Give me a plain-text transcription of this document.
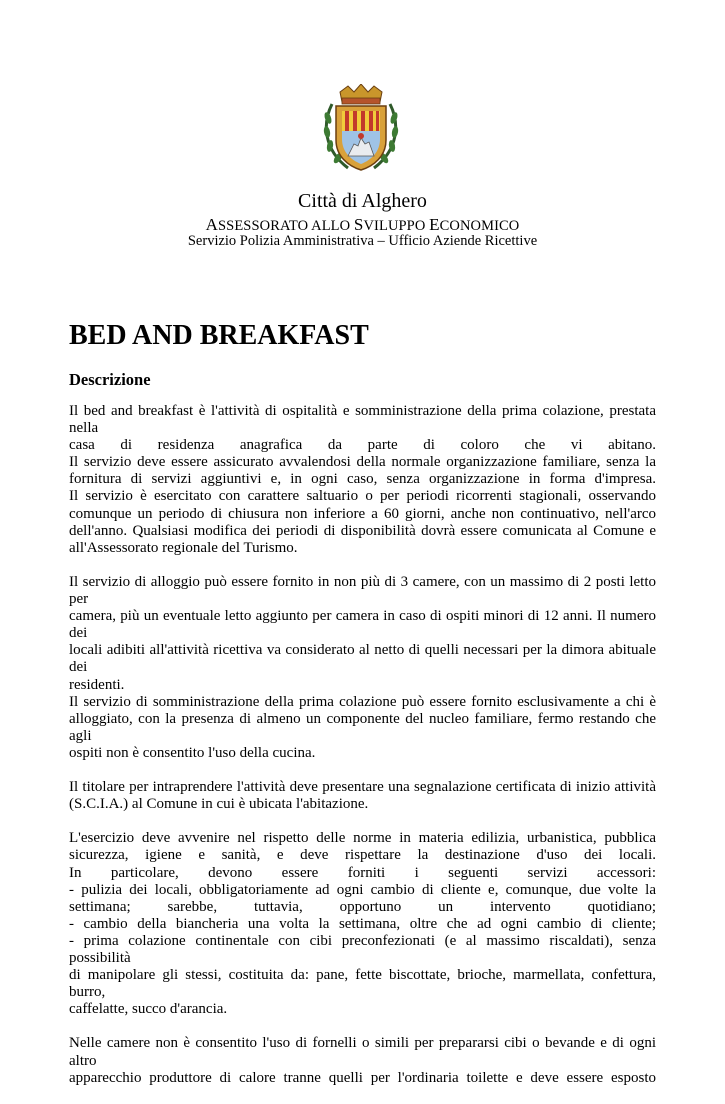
Città di Alghero
ASSESSORATO ALLO SVILUPPO ECONOMICO
Servizio Polizia Amministrativa – Ufficio Aziende Ricettive
BED AND BREAKFAST
Descrizione

Il bed and breakfast è l'attività di ospitalità e somministrazione della prima colazione, prestata nella
casa di residenza anagrafica da parte di coloro che vi abitano.
Il servizio deve essere assicurato avvalendosi della normale organizzazione familiare, senza la
fornitura di servizi aggiuntivi e, in ogni caso, senza organizzazione in forma d'impresa.
Il servizio è esercitato con carattere saltuario o per periodi ricorrenti stagionali, osservando
comunque un periodo di chiusura non inferiore a 60 giorni, anche non continuativo, nell'arco
dell'anno. Qualsiasi modifica dei periodi di disponibilità dovrà essere comunicata al Comune e
all'Assessorato regionale del Turismo.

Il servizio di alloggio può essere fornito in non più di 3 camere, con un massimo di 2 posti letto per
camera, più un eventuale letto aggiunto per camera in caso di ospiti minori di 12 anni. Il numero dei
locali adibiti all'attività ricettiva va considerato al netto di quelli necessari per la dimora abituale dei
residenti.
Il servizio di somministrazione della prima colazione può essere fornito esclusivamente a chi è
alloggiato, con la presenza di almeno un componente del nucleo familiare, fermo restando che agli
ospiti non è consentito l'uso della cucina.

Il titolare per intraprendere l'attività deve presentare una segnalazione certificata di inizio attività
(S.C.I.A.) al Comune in cui è ubicata l'abitazione.

L'esercizio deve avvenire nel rispetto delle norme in materia edilizia, urbanistica, pubblica
sicurezza, igiene e sanità, e deve rispettare la destinazione d'uso dei locali.
In particolare, devono essere forniti i seguenti servizi accessori:
- pulizia dei locali, obbligatoriamente ad ogni cambio di cliente e, comunque, due volte la
settimana; sarebbe, tuttavia, opportuno un intervento quotidiano;
- cambio della biancheria una volta la settimana, oltre che ad ogni cambio di cliente;
- prima colazione continentale con cibi preconfezionati (e al massimo riscaldati), senza possibilità
di manipolare gli stessi, costituita da: pane, fette biscottate, brioche, marmellata, confettura, burro,
caffelatte, succo d'arancia.

Nelle camere non è consentito l'uso di fornelli o simili per prepararsi cibi o bevande e di ogni altro
apparecchio produttore di calore tranne quelli per l'ordinaria toilette e deve essere esposto
